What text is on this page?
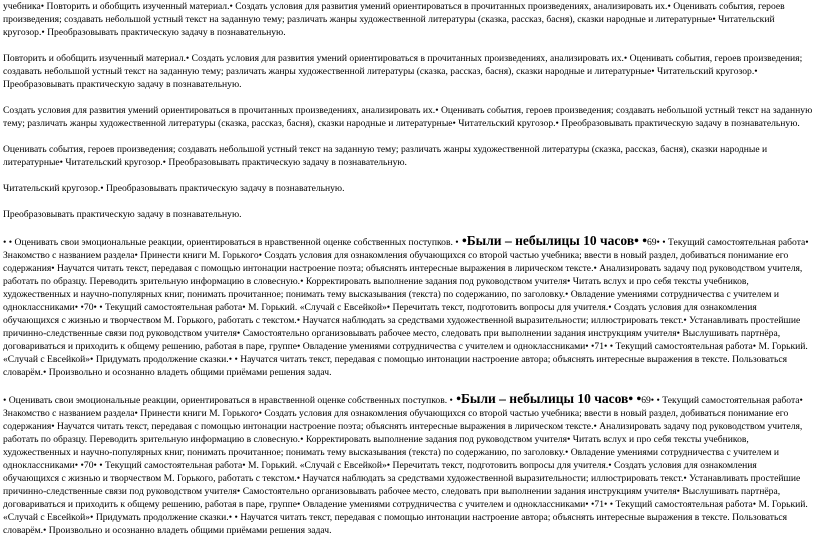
учебника• Повторить и обобщить изученный материал.• Создать условия для развития умений ориентироваться в прочитанных произведениях, анализировать их.• Оценивать события, героев произведения; создавать небольшой устный текст на заданную тему; различать жанры художественной литературы (сказка, рассказ, басня), сказки народные и литературные• Читательский кругозор.• Преобразовывать практическую задачу в познавательную.

Повторить и обобщить изученный материал.• Создать условия для развития умений ориентироваться в прочитанных произведениях, анализировать их.• Оценивать события, героев произведения; создавать небольшой устный текст на заданную тему; различать жанры художественной литературы (сказка, рассказ, басня), сказки народные и литературные• Читательский кругозор.• Преобразовывать практическую задачу в познавательную.

Создать условия для развития умений ориентироваться в прочитанных произведениях, анализировать их.• Оценивать события, героев произведения; создавать небольшой устный текст на заданную тему; различать жанры художественной литературы (сказка, рассказ, басня), сказки народные и литературные• Читательский кругозор.• Преобразовывать практическую задачу в познавательную.

Оценивать события, героев произведения; создавать небольшой устный текст на заданную тему; различать жанры художественной литературы (сказка, рассказ, басня), сказки народные и литературные• Читательский кругозор.• Преобразовывать практическую задачу в познавательную.

Читательский кругозор.• Преобразовывать практическую задачу в познавательную.

Преобразовывать практическую задачу в познавательную.

• • Оценивать свои эмоциональные реакции, ориентироваться в нравственной оценке собственных поступков. • •Были – небылицы 10 часов• •69• • Текущий самостоятельная работа• Знакомство с названием раздела• Принести книги М. Горького• Создать условия для ознакомления обучающихся со второй частью учебника; ввести в новый раздел, добиваться понимание его содержания• Научатся читать текст, передавая с помощью интонации настроение поэта; объяснять интересные выражения в лирическом тексте.• Анализировать задачу под руководством учителя, работать по образцу. Переводить зрительную информацию в словесную.• Корректировать выполнение задания под руководством учителя• Читать вслух и про себя тексты учебников, художественных и научно-популярных книг, понимать прочитанное; понимать тему высказывания (текста) по содержанию, по заголовку.• Овладение умениями сотрудничества с учителем и одноклассниками• •70• • Текущий самостоятельная работа• М. Горький. «Случай с Евсейкой»• Перечитать текст, подготовить вопросы для учителя.• Создать условия для ознакомления обучающихся с жизнью и творчеством М. Горького, работать с текстом.• Научатся наблюдать за средствами художественной выразительности; иллюстрировать текст.• Устанавливать простейшие причинно-следственные связи под руководством учителя• Самостоятельно организовывать рабочее место, следовать при выполнении задания инструкциям учителя• Выслушивать партнёра, договариваться и приходить к общему решению, работая в паре, группе• Овладение умениями сотрудничества с учителем и одноклассниками• •71• • Текущий самостоятельная работа• М. Горький. «Случай с Евсейкой»• Придумать продолжение сказки.• • Научатся читать текст, передавая с помощью интонации настроение автора; объяснять интересные выражения в тексте. Пользоваться словарём.• Произвольно и осознанно владеть общими приёмами решения задач.

• Оценивать свои эмоциональные реакции, ориентироваться в нравственной оценке собственных поступков. • •Были – небылицы 10 часов• •69• • Текущий самостоятельная работа• Знакомство с названием раздела• Принести книги М. Горького• Создать условия для ознакомления обучающихся со второй частью учебника; ввести в новый раздел, добиваться понимание его содержания• Научатся читать текст, передавая с помощью интонации настроение поэта; объяснять интересные выражения в лирическом тексте.• Анализировать задачу под руководством учителя, работать по образцу. Переводить зрительную информацию в словесную.• Корректировать выполнение задания под руководством учителя• Читать вслух и про себя тексты учебников, художественных и научно-популярных книг, понимать прочитанное; понимать тему высказывания (текста) по содержанию, по заголовку.• Овладение умениями сотрудничества с учителем и одноклассниками• •70• • Текущий самостоятельная работа• М. Горький. «Случай с Евсейкой»• Перечитать текст, подготовить вопросы для учителя.• Создать условия для ознакомления обучающихся с жизнью и творчеством М. Горького, работать с текстом.• Научатся наблюдать за средствами художественной выразительности; иллюстрировать текст.• Устанавливать простейшие причинно-следственные связи под руководством учителя• Самостоятельно организовывать рабочее место, следовать при выполнении задания инструкциям учителя• Выслушивать партнёра, договариваться и приходить к общему решению, работая в паре, группе• Овладение умениями сотрудничества с учителем и одноклассниками• •71• • Текущий самостоятельная работа• М. Горький. «Случай с Евсейкой»• Придумать продолжение сказки.• • Научатся читать текст, передавая с помощью интонации настроение автора; объяснять интересные выражения в тексте. Пользоваться словарём.• Произвольно и осознанно владеть общими приёмами решения задач.
